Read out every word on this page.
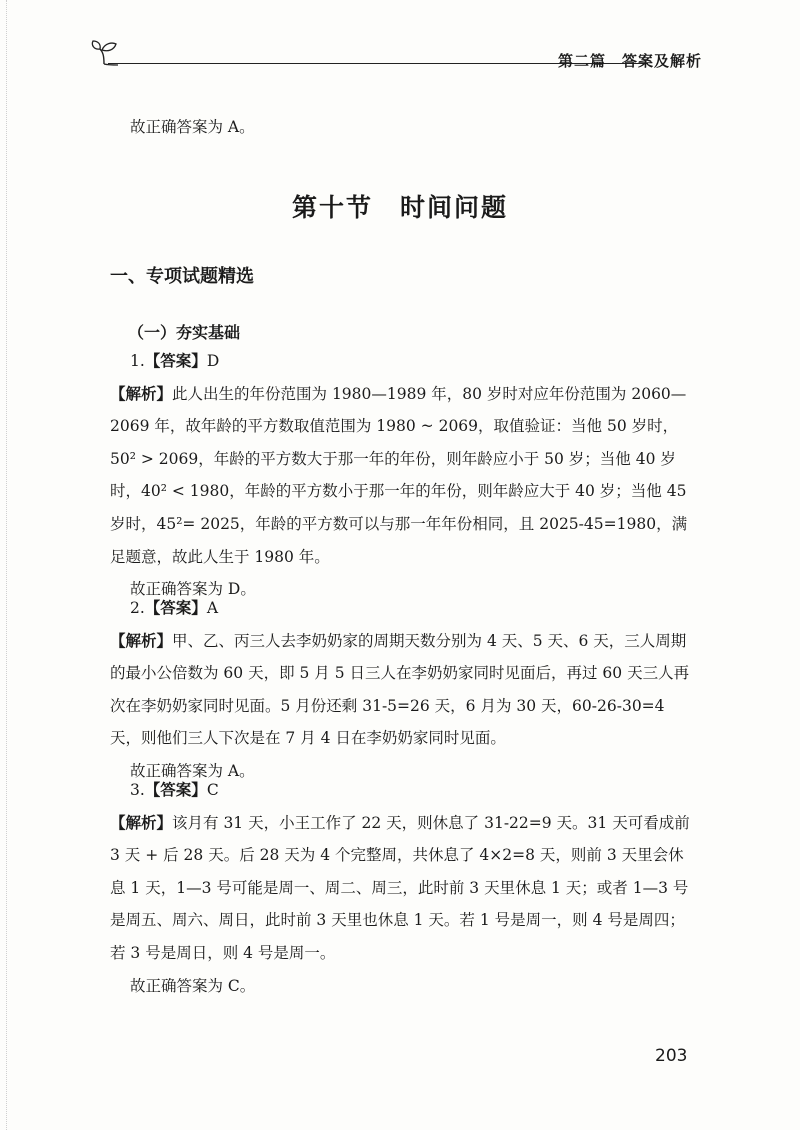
第二篇　答案及解析

故正确答案为 A。

第十节　时间问题
一、专项试题精选
（一）夯实基础

1.【答案】D

【解析】此人出生的年份范围为 1980—1989 年，80 岁时对应年份范围为 2060—2069 年，故年龄的平方数取值范围为 1980 ~ 2069，取值验证：当他 50 岁时，50² > 2069，年龄的平方数大于那一年的年份，则年龄应小于 50 岁；当他 40 岁时，40² < 1980，年龄的平方数小于那一年的年份，则年龄应大于 40 岁；当他 45 岁时，45²= 2025，年龄的平方数可以与那一年年份相同，且 2025-45=1980，满足题意，故此人生于 1980 年。

故正确答案为 D。

2.【答案】A

【解析】甲、乙、丙三人去李奶奶家的周期天数分别为 4 天、5 天、6 天，三人周期的最小公倍数为 60 天，即 5 月 5 日三人在李奶奶家同时见面后，再过 60 天三人再次在李奶奶家同时见面。5 月份还剩 31-5=26 天，6 月为 30 天，60-26-30=4 天，则他们三人下次是在 7 月 4 日在李奶奶家同时见面。

故正确答案为 A。

3.【答案】C

【解析】该月有 31 天，小王工作了 22 天，则休息了 31-22=9 天。31 天可看成前 3 天 + 后 28 天。后 28 天为 4 个完整周，共休息了 4×2=8 天，则前 3 天里会休息 1 天，1—3 号可能是周一、周二、周三，此时前 3 天里休息 1 天；或者 1—3 号是周五、周六、周日，此时前 3 天里也休息 1 天。若 1 号是周一，则 4 号是周四；若 3 号是周日，则 4 号是周一。

故正确答案为 C。

203
